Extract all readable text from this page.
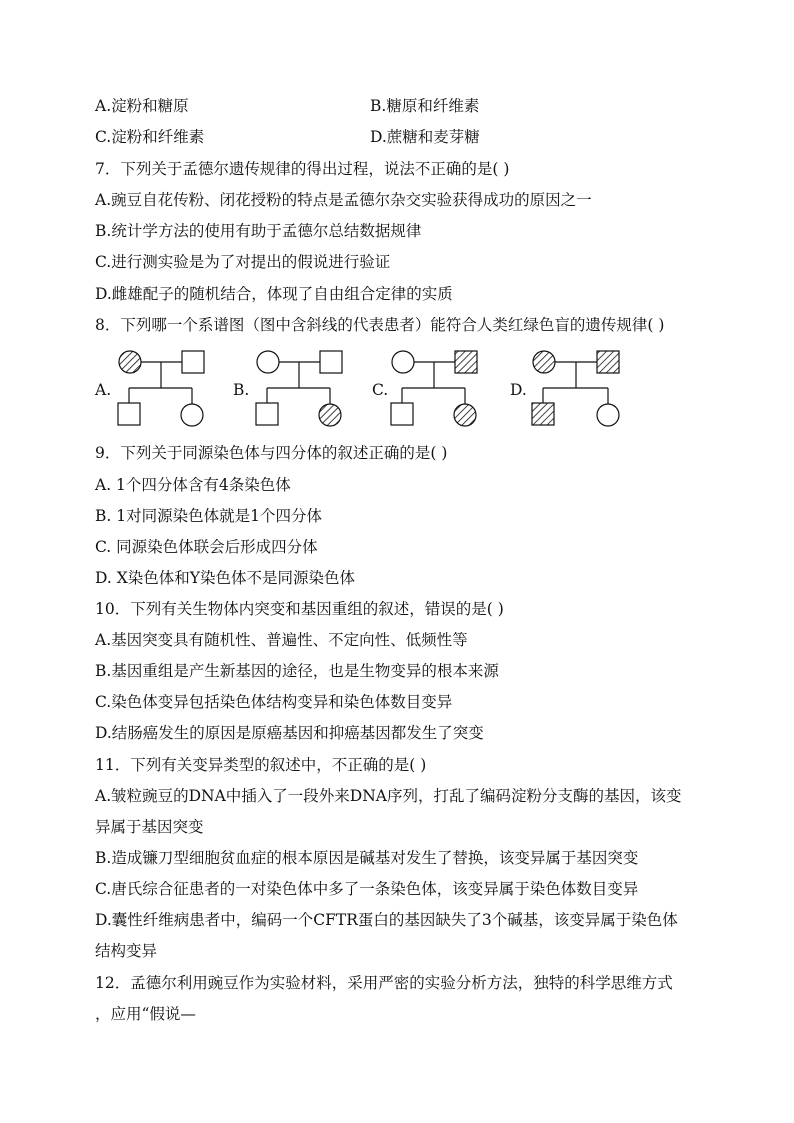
A.淀粉和糖原	B.糖原和纤维素
C.淀粉和纤维素	D.蔗糖和麦芽糖
7．下列关于孟德尔遗传规律的得出过程，说法不正确的是( )
A.豌豆自花传粉、闭花授粉的特点是孟德尔杂交实验获得成功的原因之一
B.统计学方法的使用有助于孟德尔总结数据规律
C.进行测实验是为了对提出的假说进行验证
D.雌雄配子的随机结合，体现了自由组合定律的实质
8．下列哪一个系谱图（图中含斜线的代表患者）能符合人类红绿色盲的遗传规律( )
A.	B.	C.	D.
9．下列关于同源染色体与四分体的叙述正确的是( )
A. 1个四分体含有4条染色体
B. 1对同源染色体就是1个四分体
C. 同源染色体联会后形成四分体
D. X染色体和Y染色体不是同源染色体
10．下列有关生物体内突变和基因重组的叙述，错误的是( )
A.基因突变具有随机性、普遍性、不定向性、低频性等
B.基因重组是产生新基因的途径，也是生物变异的根本来源
C.染色体变异包括染色体结构变异和染色体数目变异
D.结肠癌发生的原因是原癌基因和抑癌基因都发生了突变
11．下列有关变异类型的叙述中，不正确的是( )
A.皱粒豌豆的DNA中插入了一段外来DNA序列，打乱了编码淀粉分支酶的基因，该变
异属于基因突变
B.造成镰刀型细胞贫血症的根本原因是碱基对发生了替换，该变异属于基因突变
C.唐氏综合征患者的一对染色体中多了一条染色体，该变异属于染色体数目变异
D.囊性纤维病患者中，编码一个CFTR蛋白的基因缺失了3个碱基，该变异属于染色体
结构变异
12．孟德尔利用豌豆作为实验材料，采用严密的实验分析方法，独特的科学思维方式
，应用“假说—
